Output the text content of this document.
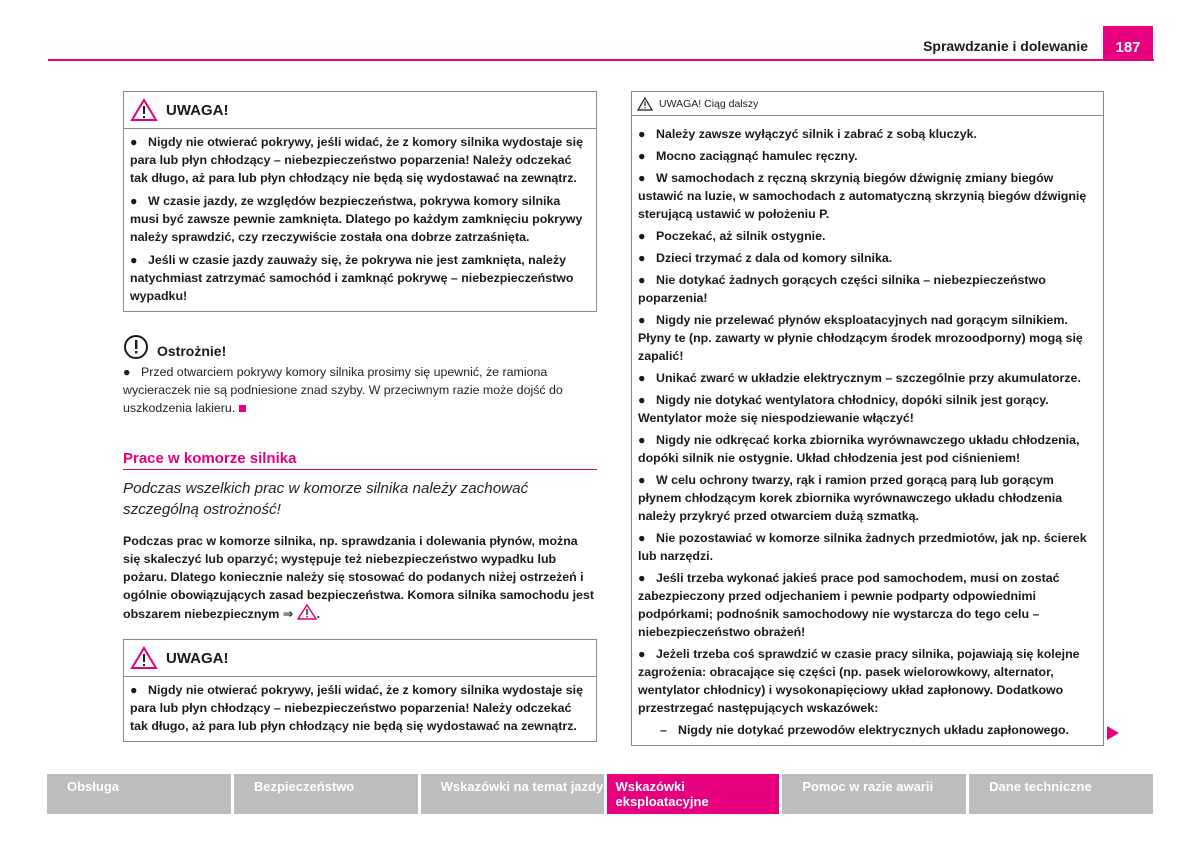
Sprawdzanie i dolewanie	187
UWAGA!
● Nigdy nie otwierać pokrywy, jeśli widać, że z komory silnika wydostaje się para lub płyn chłodzący – niebezpieczeństwo poparzenia! Należy odczekać tak długo, aż para lub płyn chłodzący nie będą się wydostawać na zewnątrz.
● W czasie jazdy, ze względów bezpieczeństwa, pokrywa komory silnika musi być zawsze pewnie zamknięta. Dlatego po każdym zamknięciu pokrywy należy sprawdzić, czy rzeczywiście została ona dobrze zatrzaśnięta.
● Jeśli w czasie jazdy zauważy się, że pokrywa nie jest zamknięta, należy natychmiast zatrzymać samochód i zamknąć pokrywę – niebezpieczeństwo wypadku!
Ostrożnie!
● Przed otwarciem pokrywy komory silnika prosimy się upewnić, że ramiona wycieraczek nie są podniesione znad szyby. W przeciwnym razie może dojść do uszkodzenia lakieru.
Prace w komorze silnika
Podczas wszelkich prac w komorze silnika należy zachować szczególną ostrożność!
Podczas prac w komorze silnika, np. sprawdzania i dolewania płynów, można się skaleczyć lub oparzyć; występuje też niebezpieczeństwo wypadku lub pożaru. Dlatego koniecznie należy się stosować do podanych niżej ostrzeżeń i ogólnie obowiązujących zasad bezpieczeństwa. Komora silnika samochodu jest obszarem niebezpiecznym ⇒ .
UWAGA!
● Nigdy nie otwierać pokrywy, jeśli widać, że z komory silnika wydostaje się para lub płyn chłodzący – niebezpieczeństwo poparzenia! Należy odczekać tak długo, aż para lub płyn chłodzący nie będą się wydostawać na zewnątrz.
UWAGA! Ciąg dalszy
● Należy zawsze wyłączyć silnik i zabrać z sobą kluczyk.
● Mocno zaciągnąć hamulec ręczny.
● W samochodach z ręczną skrzynią biegów dźwignię zmiany biegów ustawić na luzie, w samochodach z automatyczną skrzynią biegów dźwignię sterującą ustawić w położeniu P.
● Poczekać, aż silnik ostygnie.
● Dzieci trzymać z dala od komory silnika.
● Nie dotykać żadnych gorących części silnika – niebezpieczeństwo poparzenia!
● Nigdy nie przelewać płynów eksploatacyjnych nad gorącym silnikiem. Płyny te (np. zawarty w płynie chłodzącym środek mrozoodporny) mogą się zapalić!
● Unikać zwarć w układzie elektrycznym – szczególnie przy akumulatorze.
● Nigdy nie dotykać wentylatora chłodnicy, dopóki silnik jest gorący. Wentylator może się niespodziewanie włączyć!
● Nigdy nie odkręcać korka zbiornika wyrównawczego układu chłodzenia, dopóki silnik nie ostygnie. Układ chłodzenia jest pod ciśnieniem!
● W celu ochrony twarzy, rąk i ramion przed gorącą parą lub gorącym płynem chłodzącym korek zbiornika wyrównawczego układu chłodzenia należy przykryć przed otwarciem dużą szmatką.
● Nie pozostawiać w komorze silnika żadnych przedmiotów, jak np. ścierek lub narzędzi.
● Jeśli trzeba wykonać jakieś prace pod samochodem, musi on zostać zabezpieczony przed odjechaniem i pewnie podparty odpowiednimi podpórkami; podnośnik samochodowy nie wystarcza do tego celu – niebezpieczeństwo obrażeń!
● Jeżeli trzeba coś sprawdzić w czasie pracy silnika, pojawiają się kolejne zagrożenia: obracające się części (np. pasek wielorowkowy, alternator, wentylator chłodnicy) i wysokonapięciowy układ zapłonowy. Dodatkowo przestrzegać następujących wskazówek:
– Nigdy nie dotykać przewodów elektrycznych układu zapłonowego.
Obsługa	Bezpieczeństwo	Wskazówki na temat jazdy Wskazówki eksploatacyjne
Pomoc w razie awarii	Dane techniczne
